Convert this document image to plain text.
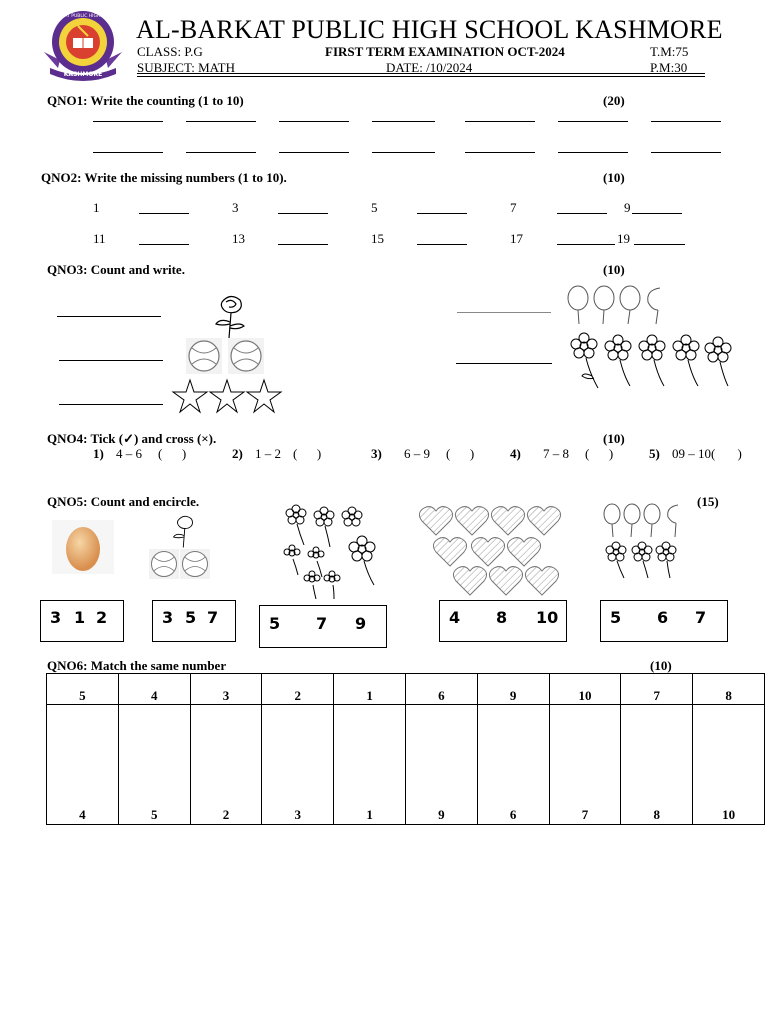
KASHMORE
AL-BARKAT PUBLIC HIGH SCHOOL AL-BARKAT PUBLIC HIGH SCHOOL KASHMORE
CLASS: P.G	FIRST TERM EXAMINATION OCT-2024	T.M:75
SUBJECT: MATH	DATE: /10/2024	P.M:30
QNO1: Write the counting (1 to 10)	(20)
QNO2: Write the missing numbers (1 to 10).	(10)
1	3	5	7	9
11	13	15	17	19
QNO3: Count and write.	(10)
QNO4: Tick (✓) and cross (×).	(10)
1) 4 – 6 (      )	2) 1 – 2 (      )	3) 6 – 9 (      )	4) 7 – 8 (      )	5) 09 – 10( )
QNO5: Count and encircle.	(15)
3 1 2	3 5 7	5 7 9	4 8 10	5 6 7
QNO6: Match the same number	(10)
5	4	3	2	1	6	9	10	7	8
4	5	2	3	1	9	6	7	8	10
